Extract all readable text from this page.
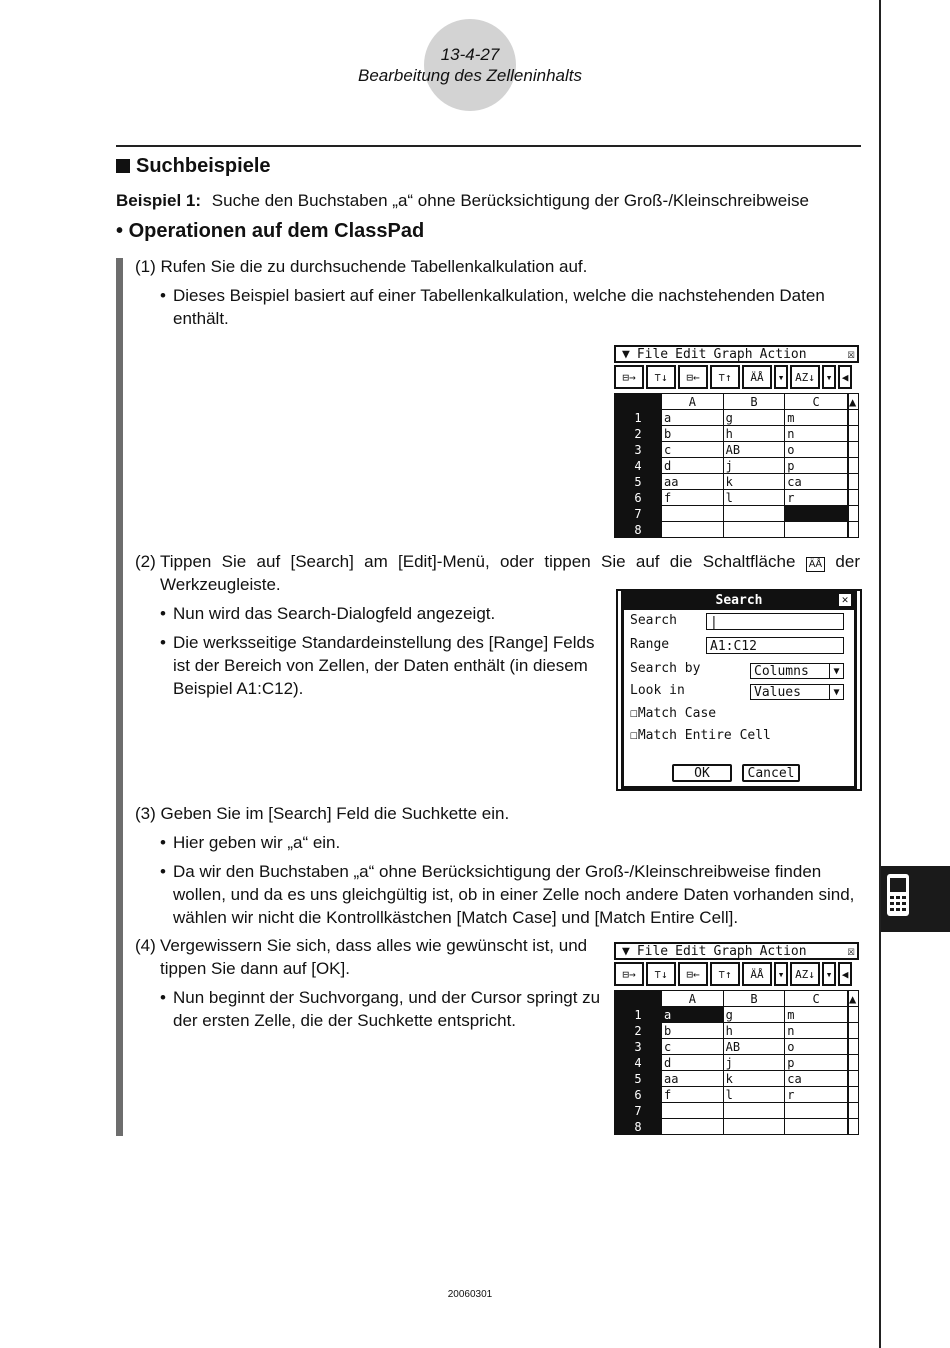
13-4-27
Bearbeitung des Zelleninhalts
Suchbeispiele
Beispiel 1: Suche den Buchstaben „a“ ohne Berücksichtigung der Groß-/Kleinschreibweise
• Operationen auf dem ClassPad
(1) Rufen Sie die zu durchsuchende Tabellenkalkulation auf.
• Dieses Beispiel basiert auf einer Tabellenkalkulation, welche die nachstehenden Daten enthält.
▼ File Edit Graph Action	☒
⊟→	⊤↓	⊟←	⊤↑	ÄÅ	▾ AZ↓ ▾ ◀
	A	B	C	▲
1	a	g	m	
2	b	h	n	
3	c	AB	o	
4	d	j	p	
5	aa	k	ca	
6	f	l	r	
7				
8				
(2) Tippen Sie auf [Search] am [Edit]-Menü, oder tippen Sie auf die Schaltfläche ÄÅ der Werkzeugleiste.
• Nun wird das Search-Dialogfeld angezeigt.
• Die werksseitige Standardeinstellung des [Range] Felds ist der Bereich von Zellen, der Daten enthält (in diesem Beispiel A1:C12).
Search	✕
Search	|
Range	A1:C12
Search by	Columns	▼
Look in	Values	▼
☐Match Case
☐Match Entire Cell
OK	Cancel
(3) Geben Sie im [Search] Feld die Suchkette ein.
• Hier geben wir „a“ ein.
• Da wir den Buchstaben „a“ ohne Berücksichtigung der Groß-/Kleinschreibweise finden wollen, und da es uns gleichgültig ist, ob in einer Zelle noch andere Daten vorhanden sind, wählen wir nicht die Kontrollkästchen [Match Case] und [Match Entire Cell].
(4) Vergewissern Sie sich, dass alles wie gewünscht ist, und tippen Sie dann auf [OK].
• Nun beginnt der Suchvorgang, und der Cursor springt zu der ersten Zelle, die der Suchkette entspricht.
▼ File Edit Graph Action	☒
⊟→	⊤↓	⊟←	⊤↑	ÄÅ	▾ AZ↓ ▾ ◀
	A	B	C	▲
1	a	g	m	
2	b	h	n	
3	c	AB	o	
4	d	j	p	
5	aa	k	ca	
6	f	l	r	
7				
8				
20060301
